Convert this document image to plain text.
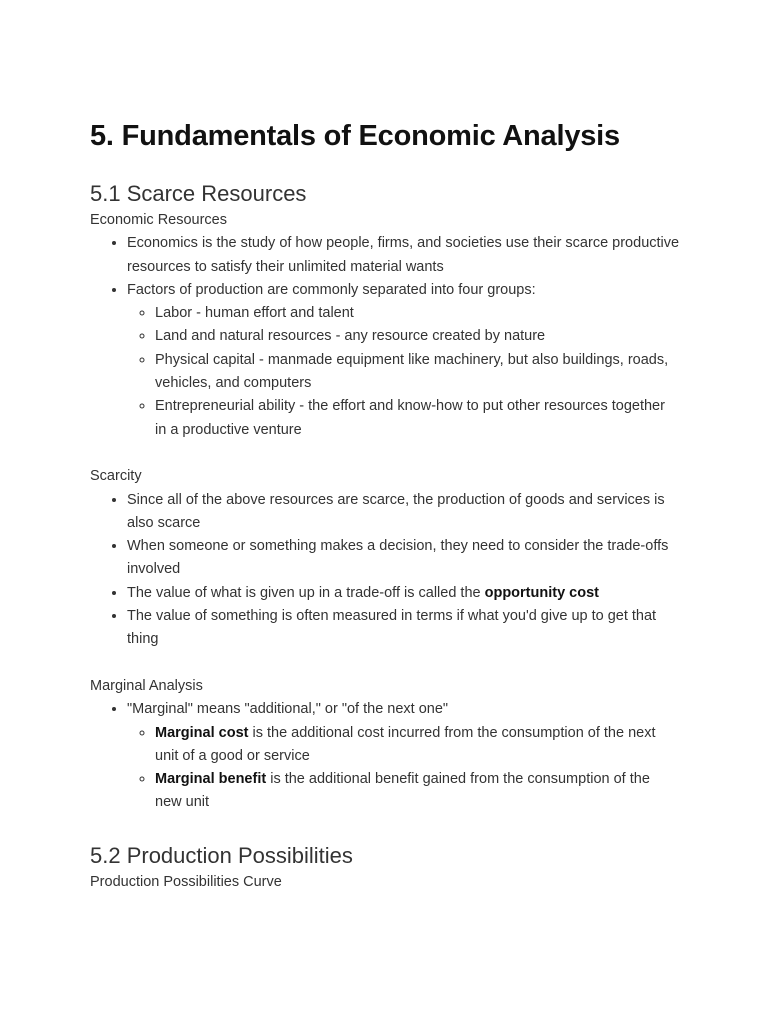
5. Fundamentals of Economic Analysis
5.1 Scarce Resources

Economic Resources

• Economics is the study of how people, firms, and societies use their scarce productive resources to satisfy their unlimited material wants
• Factors of production are commonly separated into four groups:
◦ Labor - human effort and talent
◦ Land and natural resources - any resource created by nature
◦ Physical capital - manmade equipment like machinery, but also buildings, roads, vehicles, and computers
◦ Entrepreneurial ability - the effort and know-how to put other resources together in a productive venture

Scarcity

• Since all of the above resources are scarce, the production of goods and services is also scarce
• When someone or something makes a decision, they need to consider the trade-offs involved
• The value of what is given up in a trade-off is called the opportunity cost
• The value of something is often measured in terms if what you'd give up to get that thing

Marginal Analysis

• "Marginal" means "additional," or "of the next one"
◦ Marginal cost is the additional cost incurred from the consumption of the next unit of a good or service
◦ Marginal benefit is the additional benefit gained from the consumption of the new unit
5.2 Production Possibilities

Production Possibilities Curve
